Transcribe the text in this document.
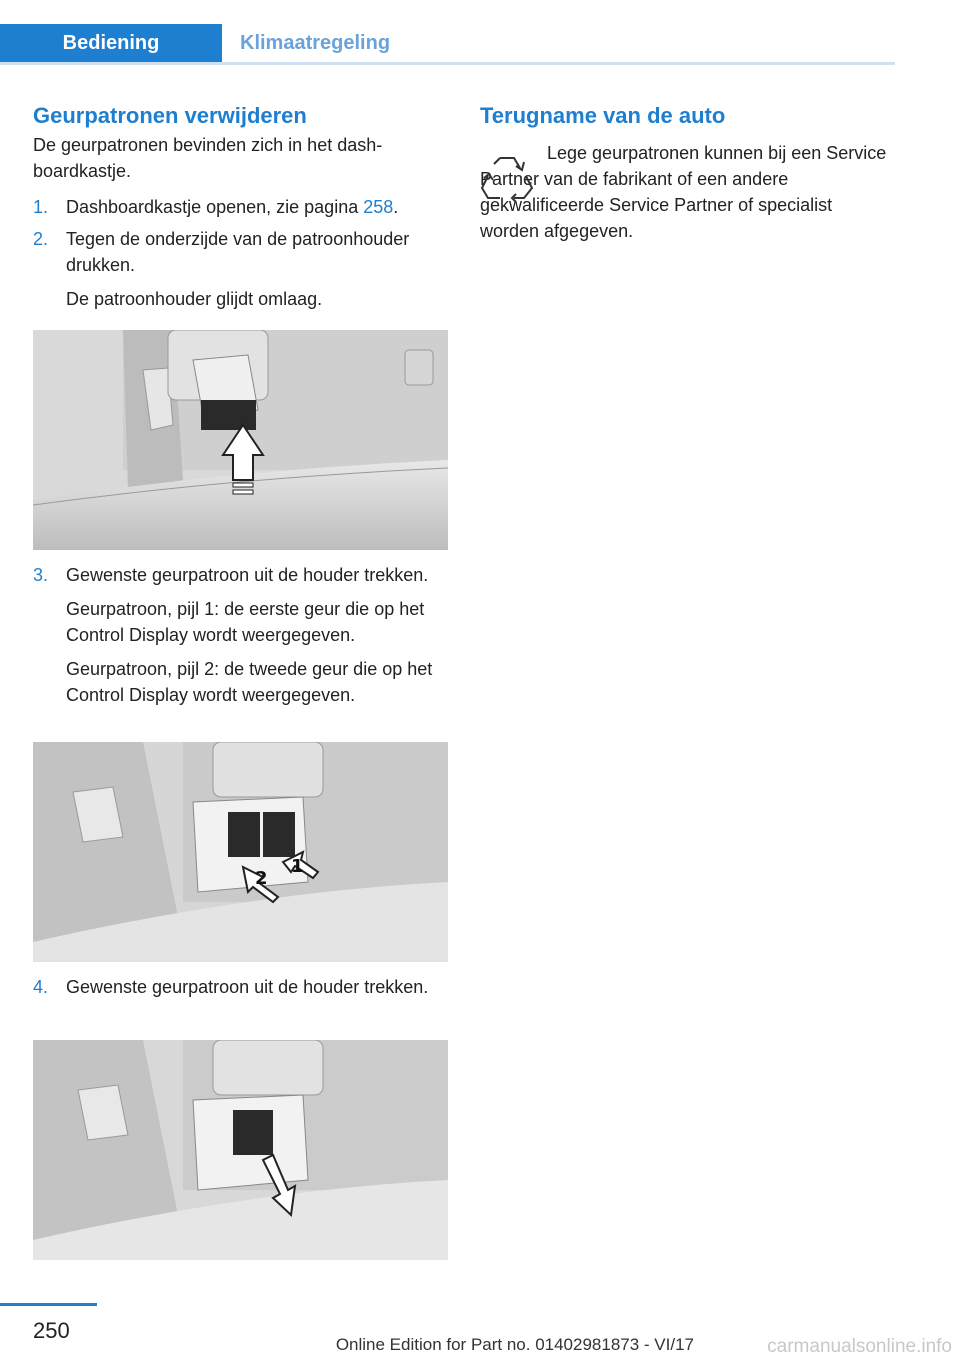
Bediening	Klimaatregeling
Geurpatronen verwijderen

De geurpatronen bevinden zich in het dashboardkastje.

1. Dashboardkastje openen, zie pagina 258.
2. Tegen de onderzijde van de patroonhouder drukken.
De patroonhouder glijdt omlaag.
3. Gewenste geurpatroon uit de houder trekken.
Geurpatroon, pijl 1: de eerste geur die op het Control Display wordt weergegeven.
Geurpatroon, pijl 2: de tweede geur die op het Control Display wordt weergegeven.
2
1
4. Gewenste geurpatroon uit de houder trekken.
Terugname van de auto

Lege geurpatronen kunnen bij een Service Partner van de fabrikant of een andere gekwalificeerde Service Partner of specialist worden afgegeven.

250
Online Edition for Part no. 01402981873 - VI/17	carmanualsonline.info
